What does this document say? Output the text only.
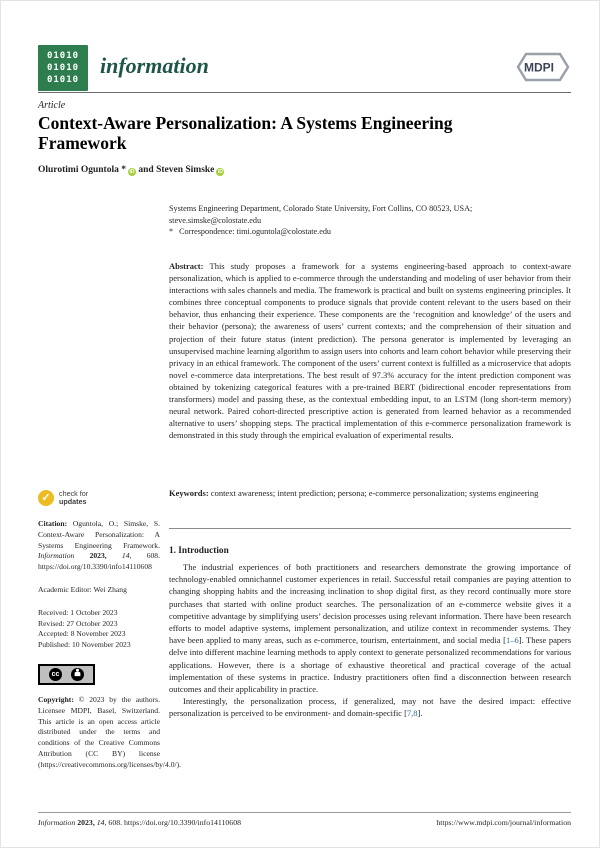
01010
01010
01010
information	MDPI
Article
Context-Aware Personalization: A Systems Engineering Framework
Olurotimi Oguntola * iD and Steven Simske iD
Systems Engineering Department, Colorado State University, Fort Collins, CO 80523, USA;
steve.simske@colostate.edu
* Correspondence: timi.oguntola@colostate.edu
Abstract: This study proposes a framework for a systems engineering-based approach to context-aware personalization, which is applied to e-commerce through the understanding and modeling of user behavior from their interactions with sales channels and media. The framework is practical and built on systems engineering principles. It combines three conceptual components to produce signals that provide content relevant to the users based on their behavior, thus enhancing their experience. These components are the ‘recognition and knowledge’ of the users and their behavior (persona); the awareness of users’ current contexts; and the comprehension of their situation and projection of their future status (intent prediction). The persona generator is implemented by leveraging an unsupervised machine learning algorithm to assign users into cohorts and learn cohort behavior while preserving their privacy in an ethical framework. The component of the users’ current context is fulfilled as a microservice that adopts novel e-commerce data interpretations. The best result of 97.3% accuracy for the intent prediction component was obtained by tokenizing categorical features with a pre-trained BERT (bidirectional encoder representations from transformers) model and passing these, as the contextual embedding input, to an LSTM (long short-term memory) neural network. Paired cohort-directed prescriptive action is generated from learned behavior as a recommended alternative to users’ shopping steps. The practical implementation of this e-commerce personalization framework is demonstrated in this study through the empirical evaluation of experimental results.
Keywords: context awareness; intent prediction; persona; e-commerce personalization; systems engineering
✓	check for
updates

Citation: Oguntola, O.; Simske, S. Context-Aware Personalization: A Systems Engineering Framework. Information 2023, 14, 608. https://doi.org/10.3390/info14110608

Academic Editor: Wei Zhang

Received: 1 October 2023
Revised: 27 October 2023
Accepted: 8 November 2023
Published: 10 November 2023
cc

Copyright: © 2023 by the authors. Licensee MDPI, Basel, Switzerland. This article is an open access article distributed under the terms and conditions of the Creative Commons Attribution (CC BY) license (https://creativecommons.org/licenses/by/4.0/).

1. Introduction

The industrial experiences of both practitioners and researchers demonstrate the growing importance of technology-enabled omnichannel customer experiences in retail. Successful retail companies are paying attention to changing shopping habits and the increasing inclination to shop digital first, as they record continually more store purchases that started with online product searches. The personalization of an e-commerce website gives it a competitive advantage by simplifying users’ decision processes using relevant information. There have been research efforts to model adaptive systems, implement personalization, and utilize context in recommender systems. They have been applied to many areas, such as e-commerce, tourism, entertainment, and social media [1–6]. These papers delve into different machine learning methods to apply context to generate personalized recommendations for various applications. However, there is a shortage of exhaustive theoretical and practical coverage of the actual implementation of these systems in practice. Industry practitioners often find a disconnection between research outcomes and their applicability in practice.

Interestingly, the personalization process, if generalized, may not have the desired impact: effective personalization is perceived to be environment- and domain-specific [7,8].

Information 2023, 14, 608. https://doi.org/10.3390/info14110608	https://www.mdpi.com/journal/information
